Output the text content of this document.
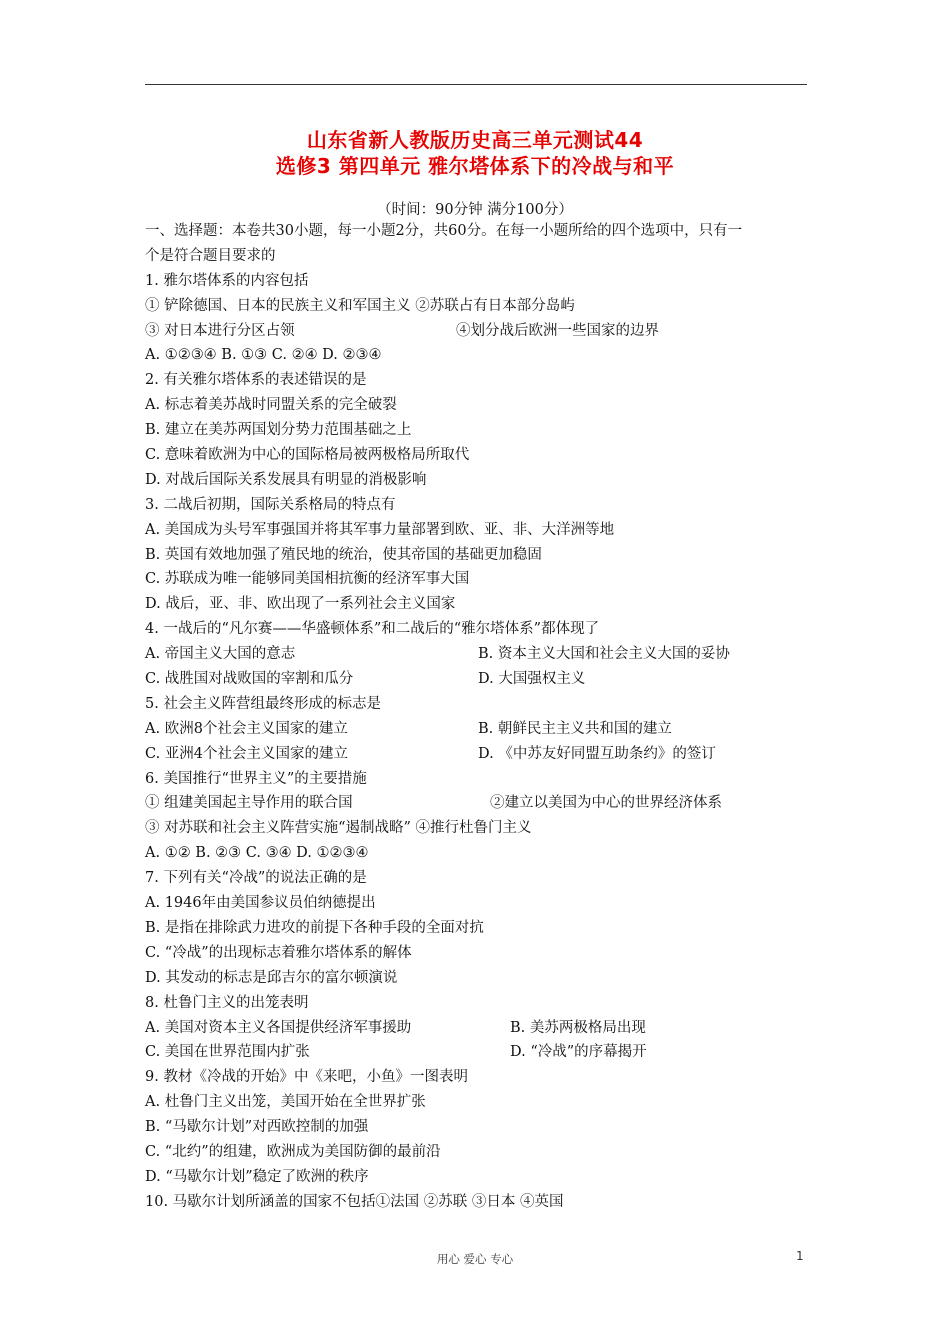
山东省新人教版历史高三单元测试44
选修3 第四单元 雅尔塔体系下的冷战与和平
（时间：90分钟 满分100分）
一、选择题：本卷共30小题，每一小题2分，共60分。在每一小题所给的四个选项中，只有一
个是符合题目要求的
1. 雅尔塔体系的内容包括
① 铲除德国、日本的民族主义和军国主义 ②苏联占有日本部分岛屿
③ 对日本进行分区占领	④划分战后欧洲一些国家的边界
A. ①②③④ B. ①③ C. ②④ D. ②③④
2. 有关雅尔塔体系的表述错误的是
A. 标志着美苏战时同盟关系的完全破裂
B. 建立在美苏两国划分势力范围基础之上
C. 意味着欧洲为中心的国际格局被两极格局所取代
D. 对战后国际关系发展具有明显的消极影响
3. 二战后初期，国际关系格局的特点有
A. 美国成为头号军事强国并将其军事力量部署到欧、亚、非、大洋洲等地
B. 英国有效地加强了殖民地的统治，使其帝国的基础更加稳固
C. 苏联成为唯一能够同美国相抗衡的经济军事大国
D. 战后，亚、非、欧出现了一系列社会主义国家
4. 一战后的“凡尔赛——华盛顿体系”和二战后的“雅尔塔体系”都体现了
A. 帝国主义大国的意志	B. 资本主义大国和社会主义大国的妥协
C. 战胜国对战败国的宰割和瓜分	D. 大国强权主义
5. 社会主义阵营组最终形成的标志是
A. 欧洲8个社会主义国家的建立	B. 朝鲜民主主义共和国的建立
C. 亚洲4个社会主义国家的建立	D. 《中苏友好同盟互助条约》的签订
6. 美国推行“世界主义”的主要措施
① 组建美国起主导作用的联合国	②建立以美国为中心的世界经济体系
③ 对苏联和社会主义阵营实施“遏制战略” ④推行杜鲁门主义
A. ①② B. ②③ C. ③④ D. ①②③④
7. 下列有关“冷战”的说法正确的是
A. 1946年由美国参议员伯纳德提出
B. 是指在排除武力进攻的前提下各种手段的全面对抗
C. “冷战”的出现标志着雅尔塔体系的解体
D. 其发动的标志是邱吉尔的富尔顿演说
8. 杜鲁门主义的出笼表明
A. 美国对资本主义各国提供经济军事援助	B. 美苏两极格局出现
C. 美国在世界范围内扩张	D. “冷战”的序幕揭开
9. 教材《冷战的开始》中《来吧，小鱼》一图表明
A. 杜鲁门主义出笼，美国开始在全世界扩张
B. “马歇尔计划”对西欧控制的加强
C. “北约”的组建，欧洲成为美国防御的最前沿
D. “马歇尔计划”稳定了欧洲的秩序
10. 马歇尔计划所涵盖的国家不包括①法国 ②苏联 ③日本 ④英国
用心 爱心 专心	1
